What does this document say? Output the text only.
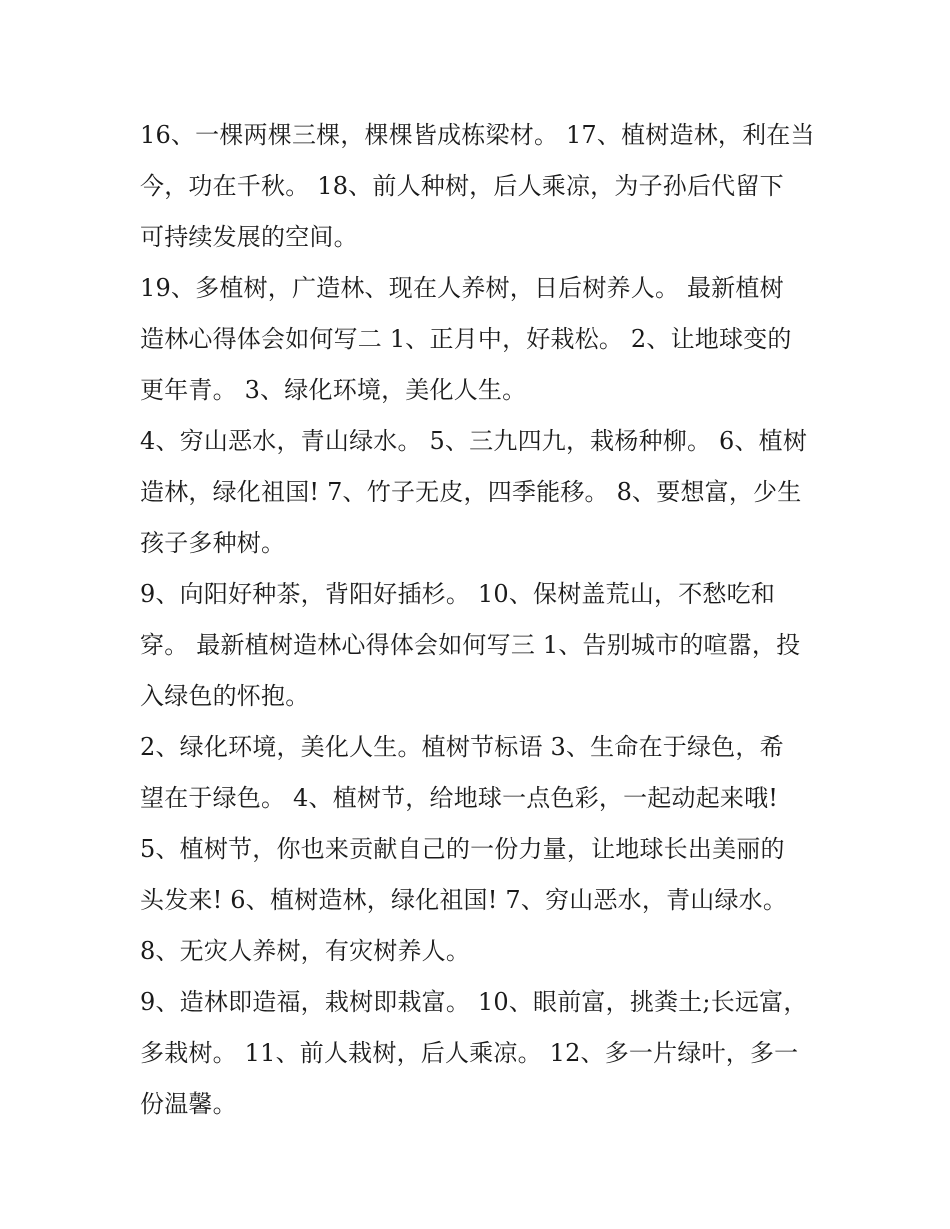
16、一棵两棵三棵，棵棵皆成栋梁材。 17、植树造林，利在当
今，功在千秋。 18、前人种树，后人乘凉，为子孙后代留下
可持续发展的空间。
19、多植树，广造林、现在人养树，日后树养人。 最新植树
造林心得体会如何写二 1、正月中，好栽松。 2、让地球变的
更年青。 3、绿化环境，美化人生。
4、穷山恶水，青山绿水。 5、三九四九，栽杨种柳。 6、植树
造林，绿化祖国! 7、竹子无皮，四季能移。 8、要想富，少生
孩子多种树。
9、向阳好种茶，背阳好插杉。 10、保树盖荒山，不愁吃和
穿。 最新植树造林心得体会如何写三 1、告别城市的喧嚣，投
入绿色的怀抱。
2、绿化环境，美化人生。植树节标语 3、生命在于绿色，希
望在于绿色。 4、植树节，给地球一点色彩，一起动起来哦!
5、植树节，你也来贡献自己的一份力量，让地球长出美丽的
头发来! 6、植树造林，绿化祖国! 7、穷山恶水，青山绿水。
8、无灾人养树，有灾树养人。
9、造林即造福，栽树即栽富。 10、眼前富，挑粪土;长远富，
多栽树。 11、前人栽树，后人乘凉。 12、多一片绿叶，多一
份温馨。
